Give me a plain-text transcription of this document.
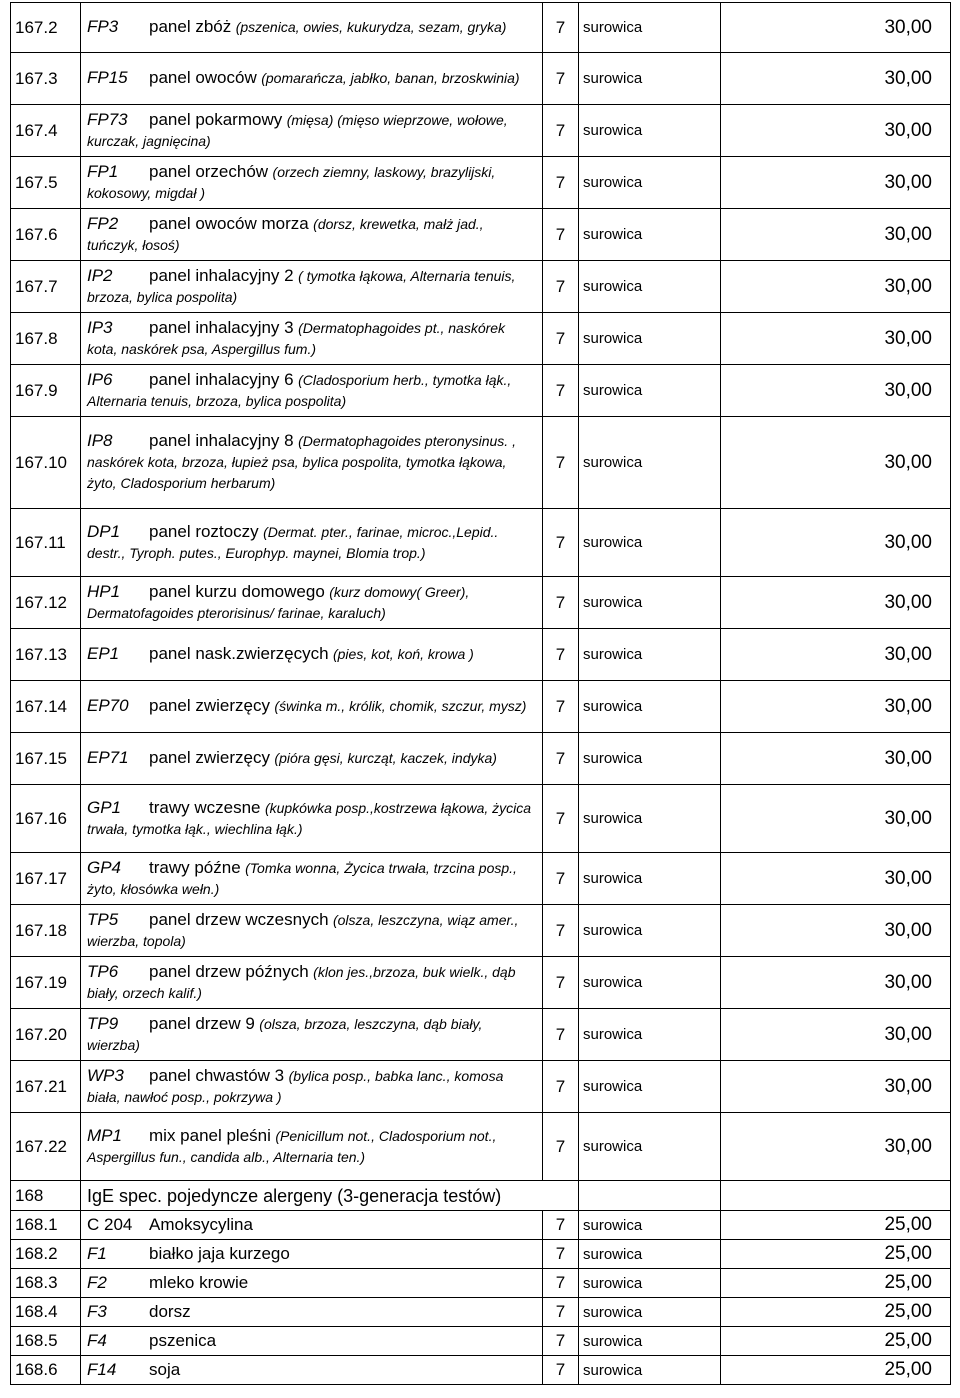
167.2	FP3 panel zbóż (pszenica, owies, kukurydza, sezam, gryka)	7	surowica	30,00
167.3	FP15 panel owoców (pomarańcza, jabłko, banan, brzoskwinia)	7	surowica	30,00
167.4	FP73 panel pokarmowy (mięsa) (mięso wieprzowe, wołowe, kurczak, jagnięcina)	7	surowica	30,00
167.5	FP1 panel orzechów (orzech ziemny, laskowy, brazylijski, kokosowy, migdał )	7	surowica	30,00
167.6	FP2 panel owoców morza (dorsz, krewetka, małż jad., tuńczyk, łosoś)	7	surowica	30,00
167.7	IP2 panel inhalacyjny 2 ( tymotka łąkowa, Alternaria tenuis, brzoza, bylica pospolita)	7	surowica	30,00
167.8	IP3 panel inhalacyjny 3 (Dermatophagoides pt., naskórek kota, naskórek psa, Aspergillus fum.)	7	surowica	30,00
167.9	IP6 panel inhalacyjny 6 (Cladosporium herb., tymotka łąk., Alternaria tenuis, brzoza, bylica pospolita)	7	surowica	30,00
167.10	IP8 panel inhalacyjny 8 (Dermatophagoides pteronysinus. , naskórek kota, brzoza, łupież psa, bylica pospolita, tymotka łąkowa, żyto, Cladosporium herbarum)	7	surowica	30,00
167.11	DP1 panel roztoczy (Dermat. pter., farinae, microc.,Lepid.. destr., Tyroph. putes., Europhyp. maynei, Blomia trop.)	7	surowica	30,00
167.12	HP1 panel kurzu domowego (kurz domowy( Greer), Dermatofagoides pterorisinus/ farinae, karaluch)	7	surowica	30,00
167.13	EP1 panel nask.zwierzęcych (pies, kot, koń, krowa )	7	surowica	30,00
167.14	EP70 panel zwierzęcy (świnka m., królik, chomik, szczur, mysz)	7	surowica	30,00
167.15	EP71 panel zwierzęcy (pióra gęsi, kurcząt, kaczek, indyka)	7	surowica	30,00
167.16	GP1 trawy wczesne (kupkówka posp.,kostrzewa łąkowa, życica trwała, tymotka łąk., wiechlina łąk.)	7	surowica	30,00
167.17	GP4 trawy późne (Tomka wonna, Życica trwała, trzcina posp., żyto, kłosówka wełn.)	7	surowica	30,00
167.18	TP5 panel drzew wczesnych (olsza, leszczyna, wiąz amer., wierzba, topola)	7	surowica	30,00
167.19	TP6 panel drzew późnych (klon jes.,brzoza, buk wielk., dąb biały, orzech kalif.)	7	surowica	30,00
167.20	TP9 panel drzew 9 (olsza, brzoza, leszczyna, dąb biały, wierzba)	7	surowica	30,00
167.21	WP3 panel chwastów 3 (bylica posp., babka lanc., komosa biała, nawłoć posp., pokrzywa )	7	surowica	30,00
167.22	MP1 mix panel pleśni (Penicillum not., Cladosporium not., Aspergillus fun., candida alb., Alternaria ten.)	7	surowica	30,00
168	IgE spec. pojedyncze alergeny (3-generacja testów)			
168.1	C 204 Amoksycylina	7	surowica	25,00
168.2	F1 białko jaja kurzego	7	surowica	25,00
168.3	F2 mleko krowie	7	surowica	25,00
168.4	F3 dorsz	7	surowica	25,00
168.5	F4 pszenica	7	surowica	25,00
168.6	F14 soja	7	surowica	25,00
